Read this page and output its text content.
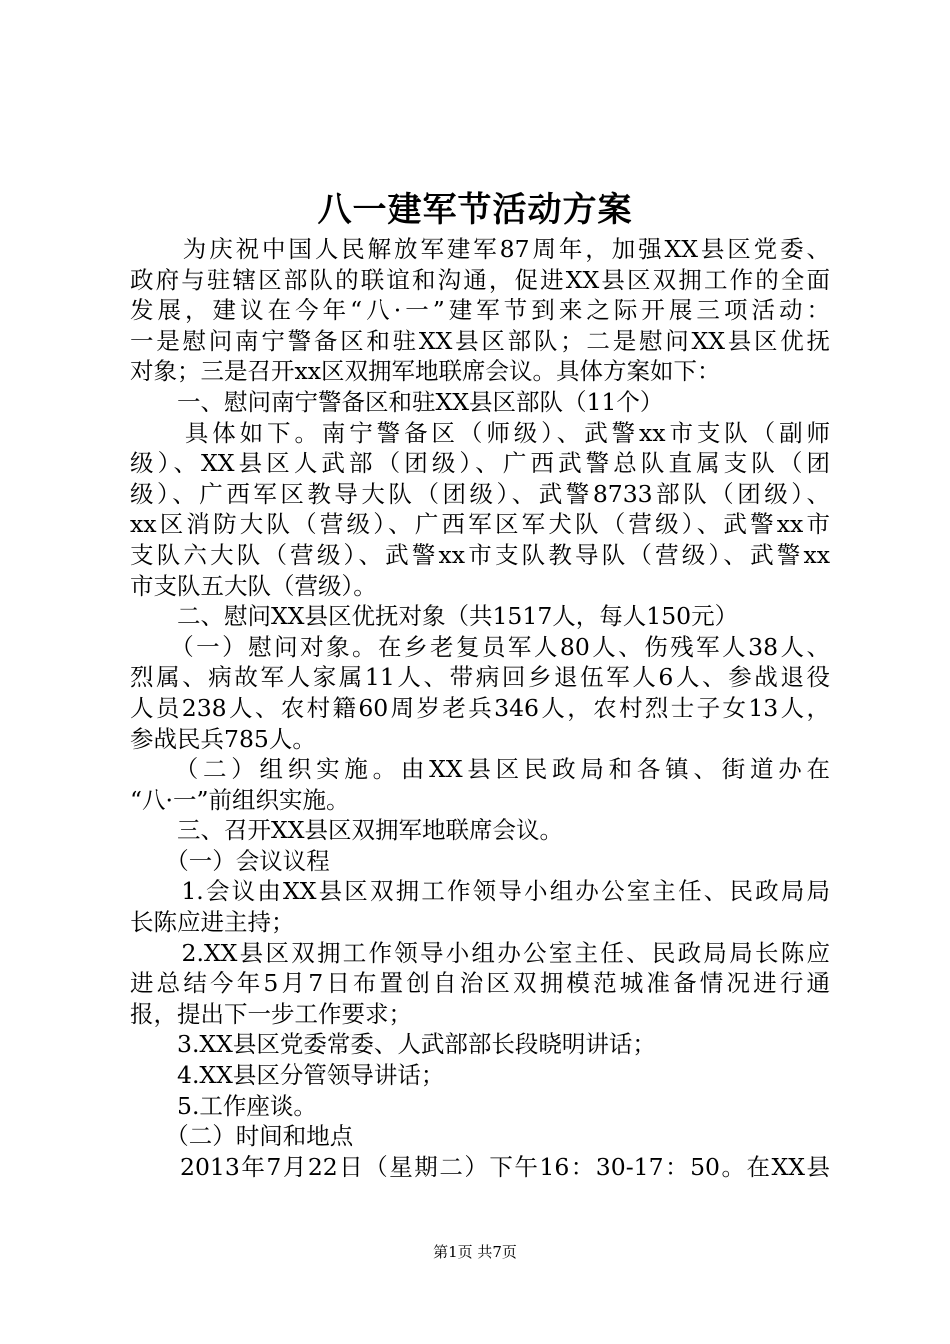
八一建军节活动方案
　　为庆祝中国人民解放军建军87周年，加强XX县区党委、
政府与驻辖区部队的联谊和沟通，促进XX县区双拥工作的全面
发展，建议在今年“八·一”建军节到来之际开展三项活动：
一是慰问南宁警备区和驻XX县区部队；二是慰问XX县区优抚
对象；三是召开xx区双拥军地联席会议。具体方案如下：
　　一、慰问南宁警备区和驻XX县区部队（11个）
　　具体如下。南宁警备区（师级）、武警xx市支队（副师
级）、XX县区人武部（团级）、广西武警总队直属支队（团
级）、广西军区教导大队（团级）、武警8733部队（团级）、
xx区消防大队（营级）、广西军区军犬队（营级）、武警xx市
支队六大队（营级）、武警xx市支队教导队（营级）、武警xx
市支队五大队（营级）。
　　二、慰问XX县区优抚对象（共1517人，每人150元）
　　（一）慰问对象。在乡老复员军人80人、伤残军人38人、
烈属、病故军人家属11人、带病回乡退伍军人6人、参战退役
人员238人、农村籍60周岁老兵346人，农村烈士子女13人，
参战民兵785人。
　　（二）组织实施。由XX县区民政局和各镇、街道办在
“八·一”前组织实施。
　　三、召开XX县区双拥军地联席会议。
　　（一）会议议程
　　1.会议由XX县区双拥工作领导小组办公室主任、民政局局
长陈应进主持；
　　2.XX县区双拥工作领导小组办公室主任、民政局局长陈应
进总结今年5月7日布置创自治区双拥模范城准备情况进行通
报，提出下一步工作要求；
　　3.XX县区党委常委、人武部部长段晓明讲话；
　　4.XX县区分管领导讲话；
　　5.工作座谈。
　　（二）时间和地点
　　2013年7月22日（星期二）下午16：30-17：50。在XX县
第1页 共7页
